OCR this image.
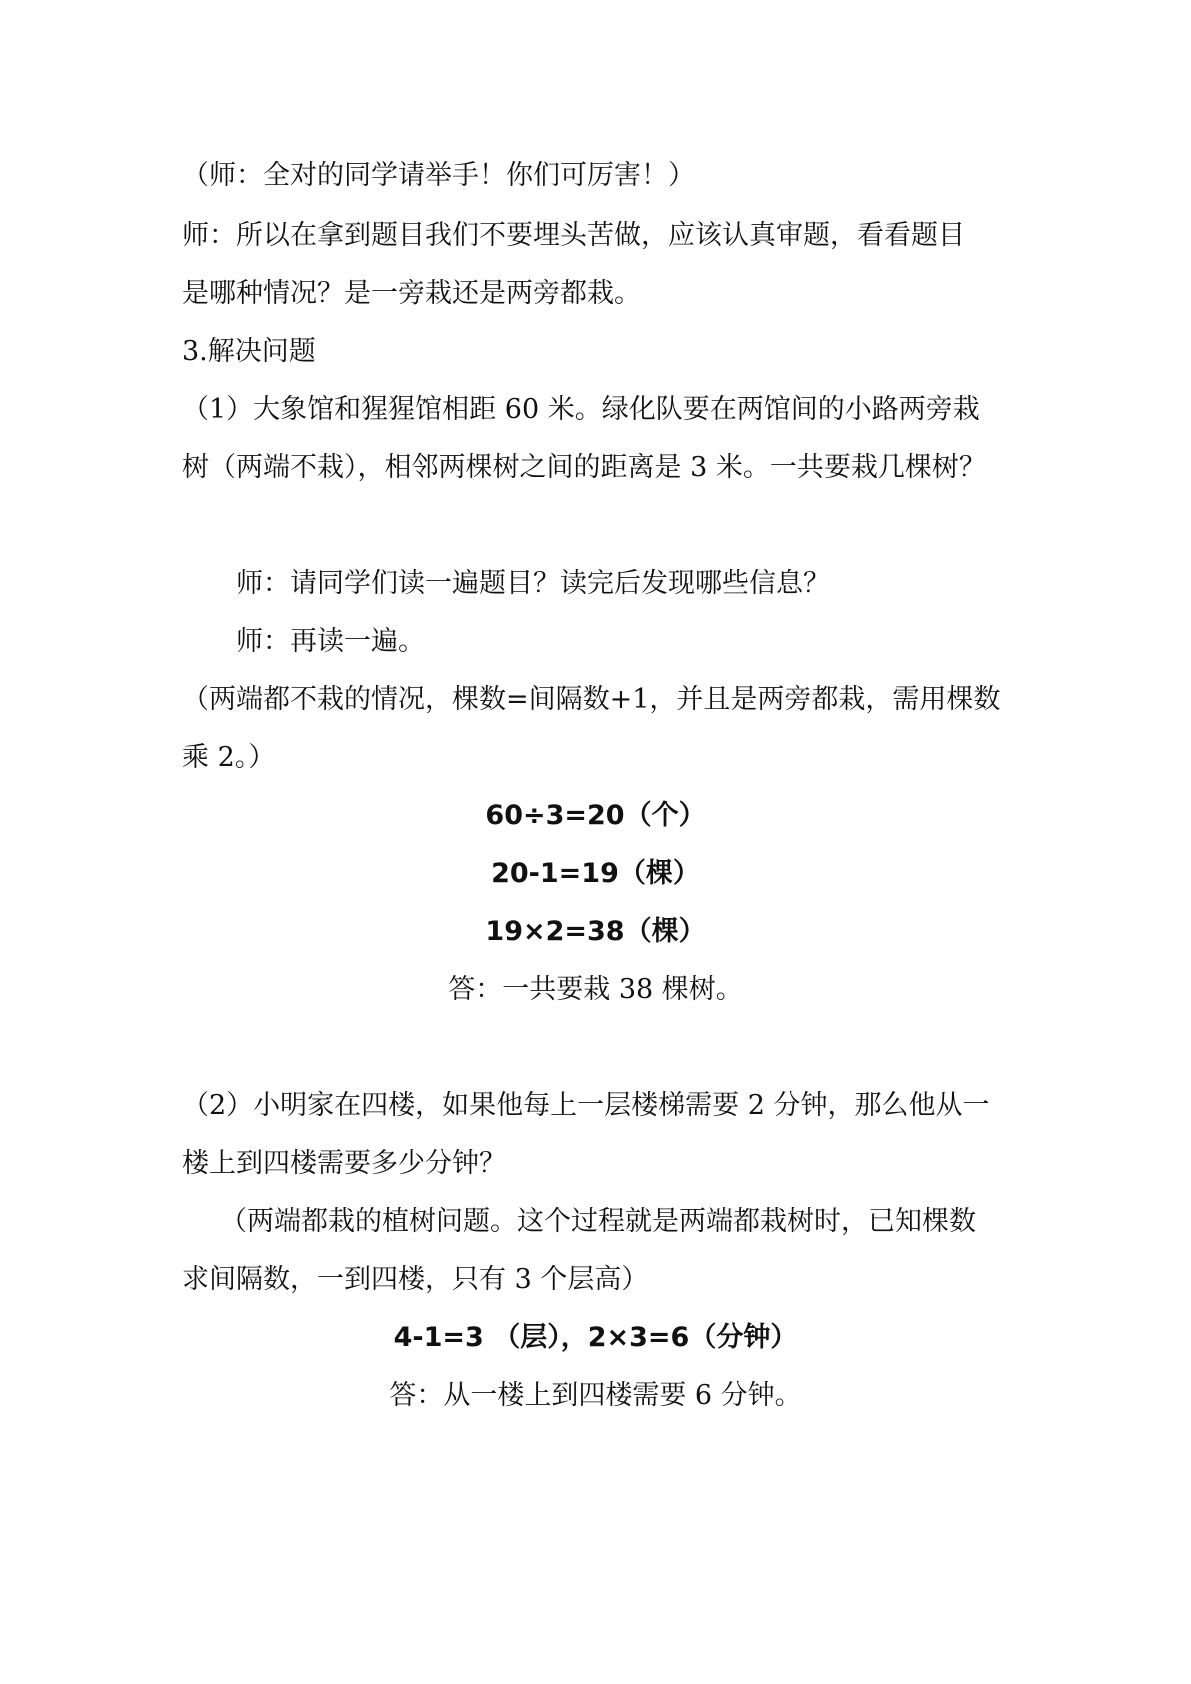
（师：全对的同学请举手！你们可厉害！）
师：所以在拿到题目我们不要埋头苦做，应该认真审题，看看题目
是哪种情况？是一旁栽还是两旁都栽。
3.解决问题
（1）大象馆和猩猩馆相距 60 米。绿化队要在两馆间的小路两旁栽
树（两端不栽），相邻两棵树之间的距离是 3 米。一共要栽几棵树？
师：请同学们读一遍题目？读完后发现哪些信息？
师：再读一遍。
（两端都不栽的情况，棵数=间隔数+1，并且是两旁都栽，需用棵数
乘 2。）
60÷3=20（个）
20-1=19（棵）
19×2=38（棵）
答：一共要栽 38 棵树。
（2）小明家在四楼，如果他每上一层楼梯需要 2 分钟，那么他从一
楼上到四楼需要多少分钟？
（两端都栽的植树问题。这个过程就是两端都栽树时，已知棵数
求间隔数，一到四楼，只有 3 个层高）
4-1=3 （层），2×3=6（分钟）
答：从一楼上到四楼需要 6 分钟。
